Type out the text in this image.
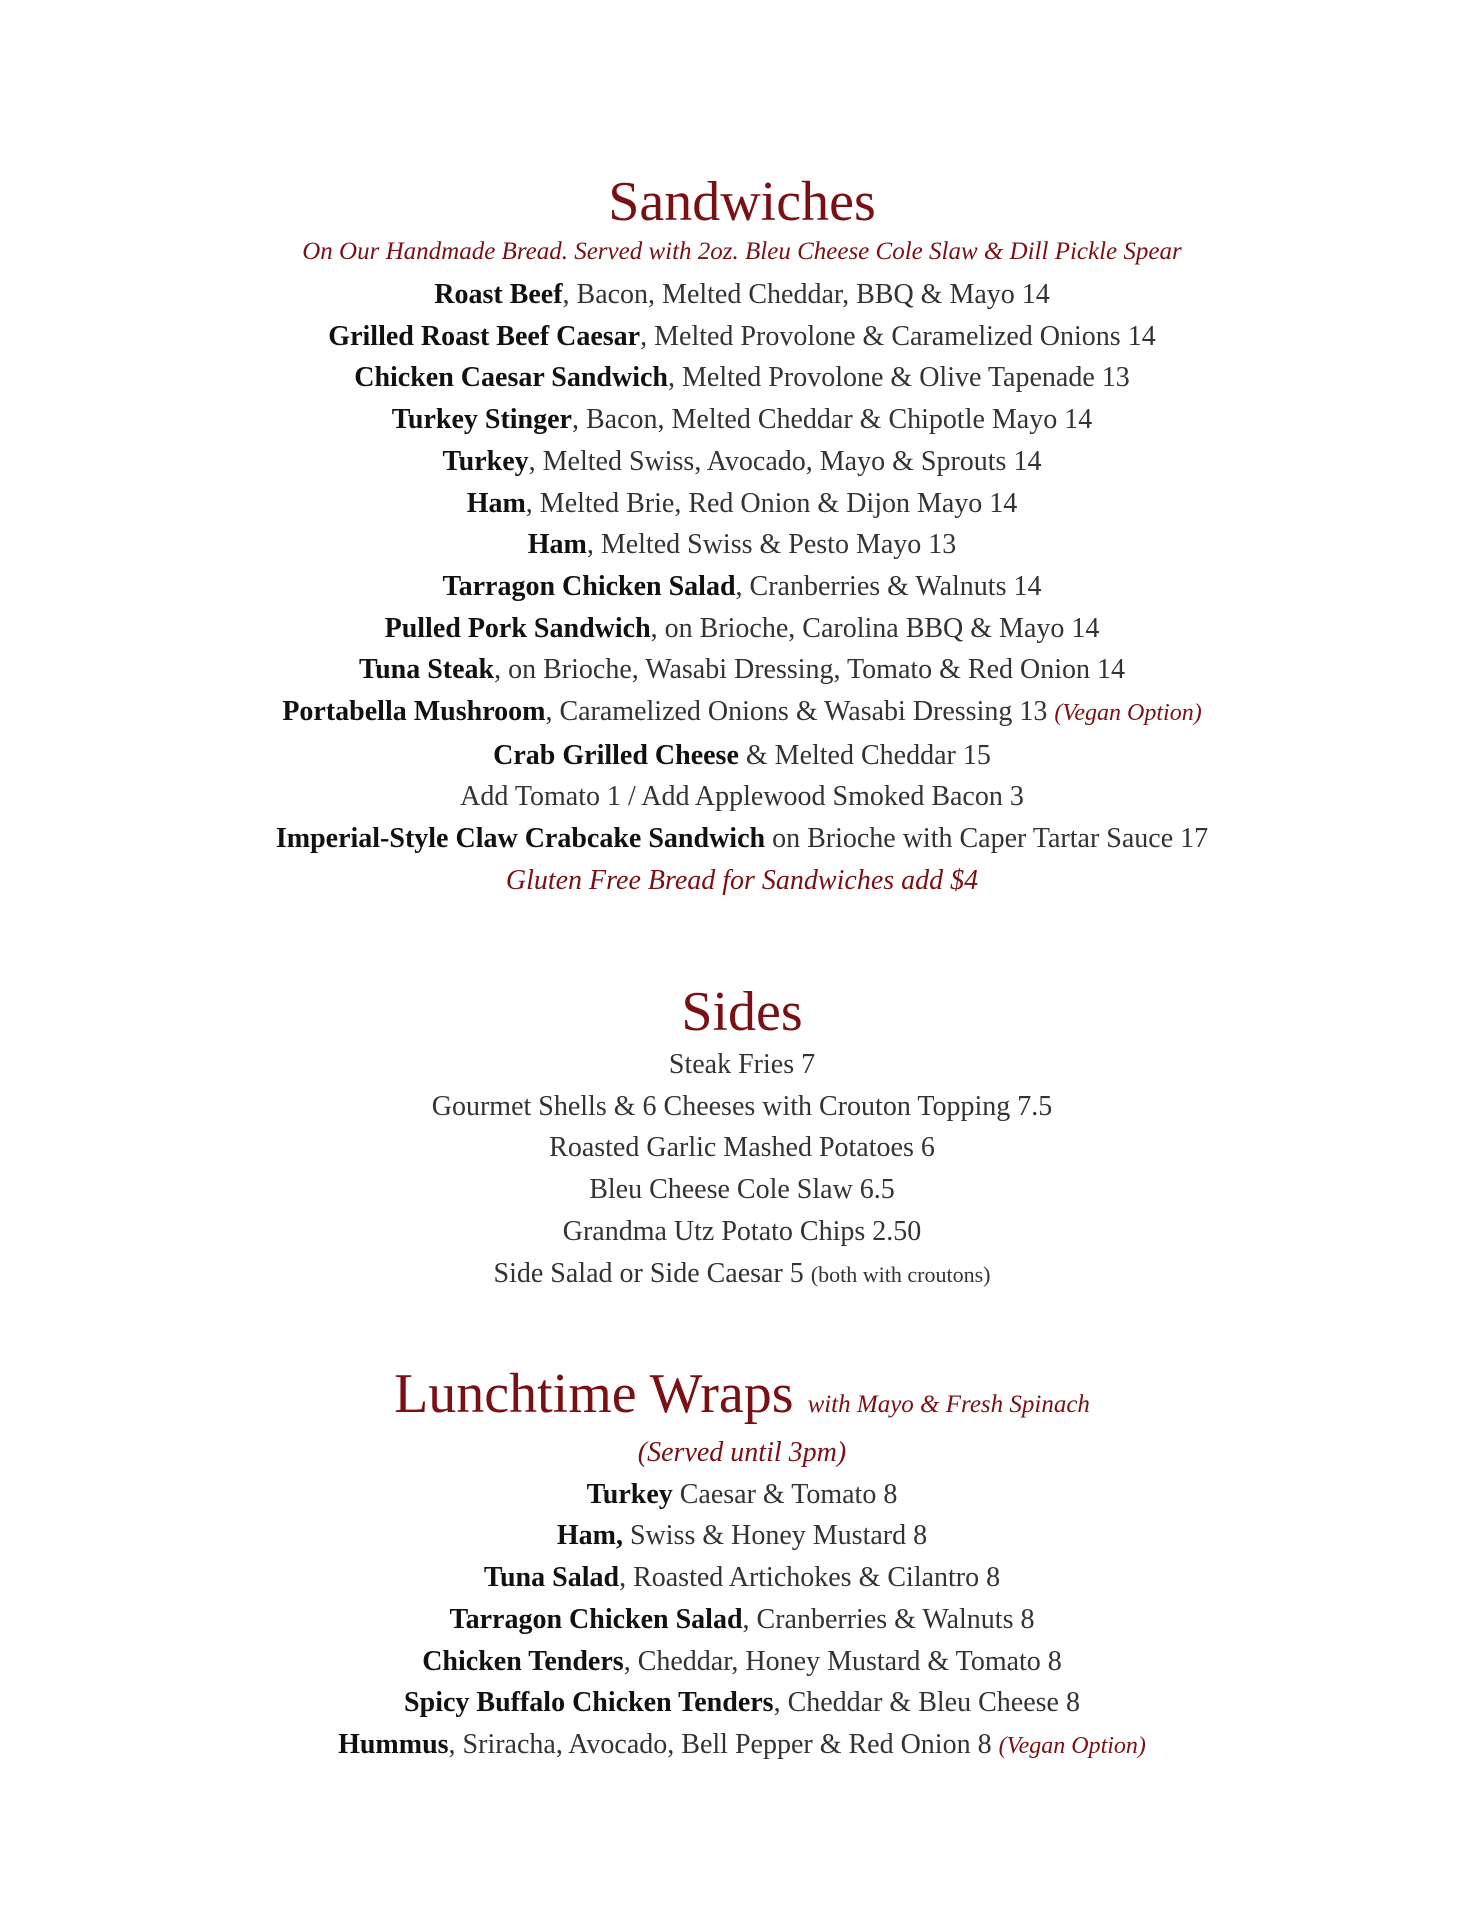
Sandwiches

On Our Handmade Bread. Served with 2oz. Bleu Cheese Cole Slaw & Dill Pickle Spear

Roast Beef, Bacon, Melted Cheddar, BBQ & Mayo 14

Grilled Roast Beef Caesar, Melted Provolone & Caramelized Onions 14

Chicken Caesar Sandwich, Melted Provolone & Olive Tapenade 13

Turkey Stinger, Bacon, Melted Cheddar & Chipotle Mayo 14

Turkey, Melted Swiss, Avocado, Mayo & Sprouts 14

Ham, Melted Brie, Red Onion & Dijon Mayo 14

Ham, Melted Swiss & Pesto Mayo 13

Tarragon Chicken Salad, Cranberries & Walnuts 14

Pulled Pork Sandwich, on Brioche, Carolina BBQ & Mayo 14

Tuna Steak, on Brioche, Wasabi Dressing, Tomato & Red Onion 14

Portabella Mushroom, Caramelized Onions & Wasabi Dressing 13 (Vegan Option)

Crab Grilled Cheese & Melted Cheddar 15

Add Tomato 1 / Add Applewood Smoked Bacon 3

Imperial-Style Claw Crabcake Sandwich on Brioche with Caper Tartar Sauce 17

Gluten Free Bread for Sandwiches add $4

Sides

Steak Fries 7

Gourmet Shells & 6 Cheeses with Crouton Topping 7.5

Roasted Garlic Mashed Potatoes 6

Bleu Cheese Cole Slaw 6.5

Grandma Utz Potato Chips 2.50

Side Salad or Side Caesar 5 (both with croutons)

Lunchtime Wraps with Mayo & Fresh Spinach

(Served until 3pm)

Turkey Caesar & Tomato 8

Ham, Swiss & Honey Mustard 8

Tuna Salad, Roasted Artichokes & Cilantro 8

Tarragon Chicken Salad, Cranberries & Walnuts 8

Chicken Tenders, Cheddar, Honey Mustard & Tomato 8

Spicy Buffalo Chicken Tenders, Cheddar & Bleu Cheese 8

Hummus, Sriracha, Avocado, Bell Pepper & Red Onion 8 (Vegan Option)
